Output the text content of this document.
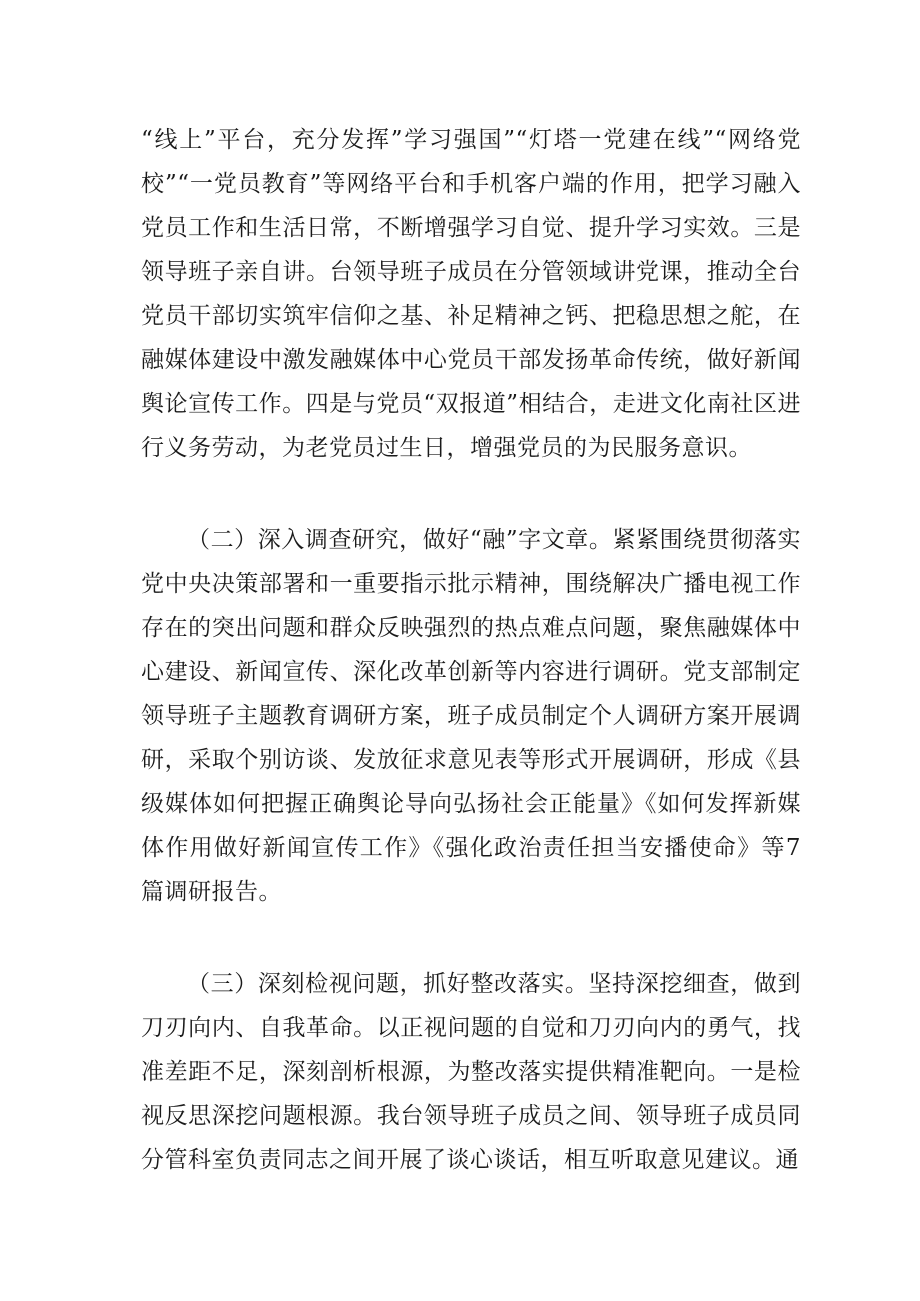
“线上”平台，充分发挥”学习强国”“灯塔一党建在线”“网络党校”“一党员教育”等网络平台和手机客户端的作用，把学习融入党员工作和生活日常，不断增强学习自觉、提升学习实效。三是领导班子亲自讲。台领导班子成员在分管领域讲党课，推动全台党员干部切实筑牢信仰之基、补足精神之钙、把稳思想之舵，在融媒体建设中激发融媒体中心党员干部发扬革命传统，做好新闻舆论宣传工作。四是与党员“双报道”相结合，走进文化南社区进行义务劳动，为老党员过生日，增强党员的为民服务意识。

（二）深入调查研究，做好“融”字文章。紧紧围绕贯彻落实党中央决策部署和一重要指示批示精神，围绕解决广播电视工作存在的突出问题和群众反映强烈的热点难点问题，聚焦融媒体中心建设、新闻宣传、深化改革创新等内容进行调研。党支部制定领导班子主题教育调研方案，班子成员制定个人调研方案开展调研，采取个别访谈、发放征求意见表等形式开展调研，形成《县级媒体如何把握正确舆论导向弘扬社会正能量》《如何发挥新媒体作用做好新闻宣传工作》《强化政治责任担当安播使命》等7篇调研报告。

（三）深刻检视问题，抓好整改落实。坚持深挖细查，做到刀刃向内、自我革命。以正视问题的自觉和刀刃向内的勇气，找准差距不足，深刻剖析根源，为整改落实提供精准靶向。一是检视反思深挖问题根源。我台领导班子成员之间、领导班子成员同分管科室负责同志之间开展了谈心谈话，相互听取意见建议。通
